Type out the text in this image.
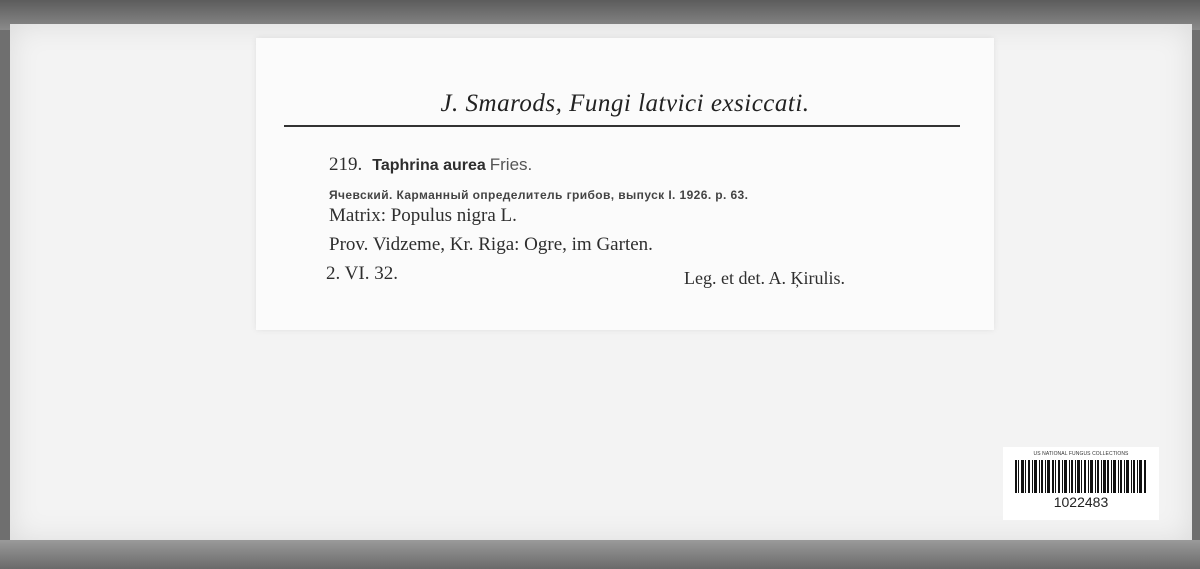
J. Smarods, Fungi latvici exsiccati.
219. Taphrina aurea Fries.
Ячевский. Карманный определитель грибов, выпуск I. 1926. p. 63.
Matrix: Populus nigra L.
Prov. Vidzeme, Kr. Riga: Ogre, im Garten.
2. VI. 32.	Leg. et det. A. Ķirulis.
US NATIONAL FUNGUS COLLECTIONS
1022483
